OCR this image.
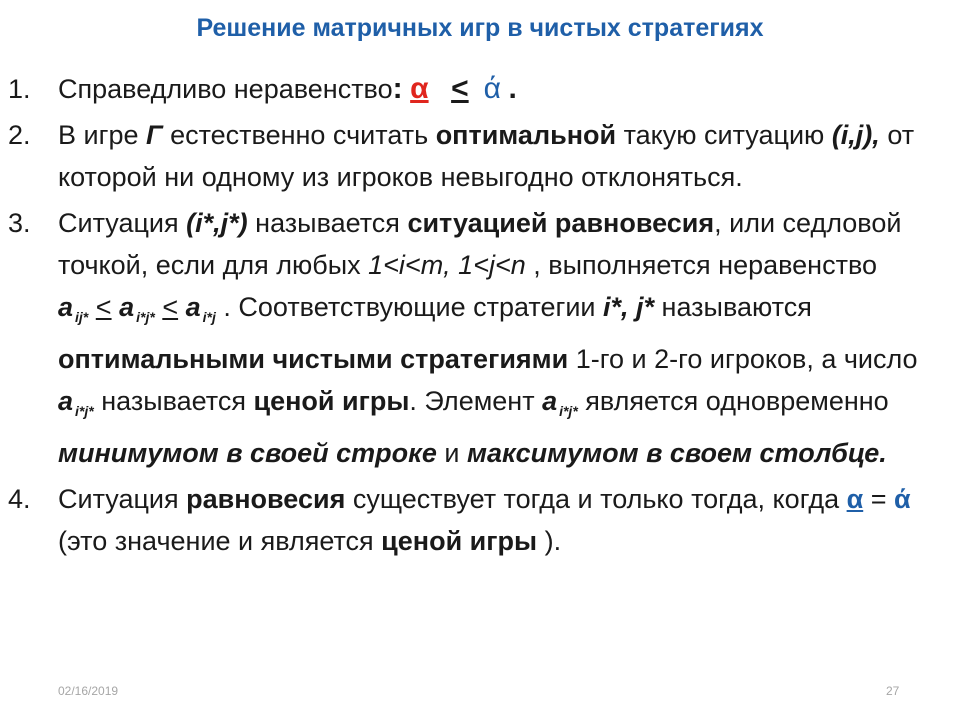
Решение матричных игр в чистых стратегиях
1.	Справедливо неравенство: α ≤ ά .
2.	В игре Г естественно считать оптимальной такую ситуацию (i,j), от которой ни одному из игроков невыгодно отклоняться.
3.	Ситуация (i*,j*) называется ситуацией равновесия, или седловой точкой, если для любых 1<i<m, 1<j<n , выполняется неравенство a $_{ij*}$ < a $_{i*j*}$ < a $_{i*j}$ . Соответствующие стратегии i*, j* называются оптимальными чистыми стратегиями 1-го и 2-го игроков, а число a $_{i*j*}$ называется ценой игры. Элемент a $_{i*j*}$ является одновременно минимумом в своей строке и максимумом в своем столбце.
4.	Ситуация равновесия существует тогда и только тогда, когда α = ά (это значение и является ценой игры ).
02/16/2019	27
